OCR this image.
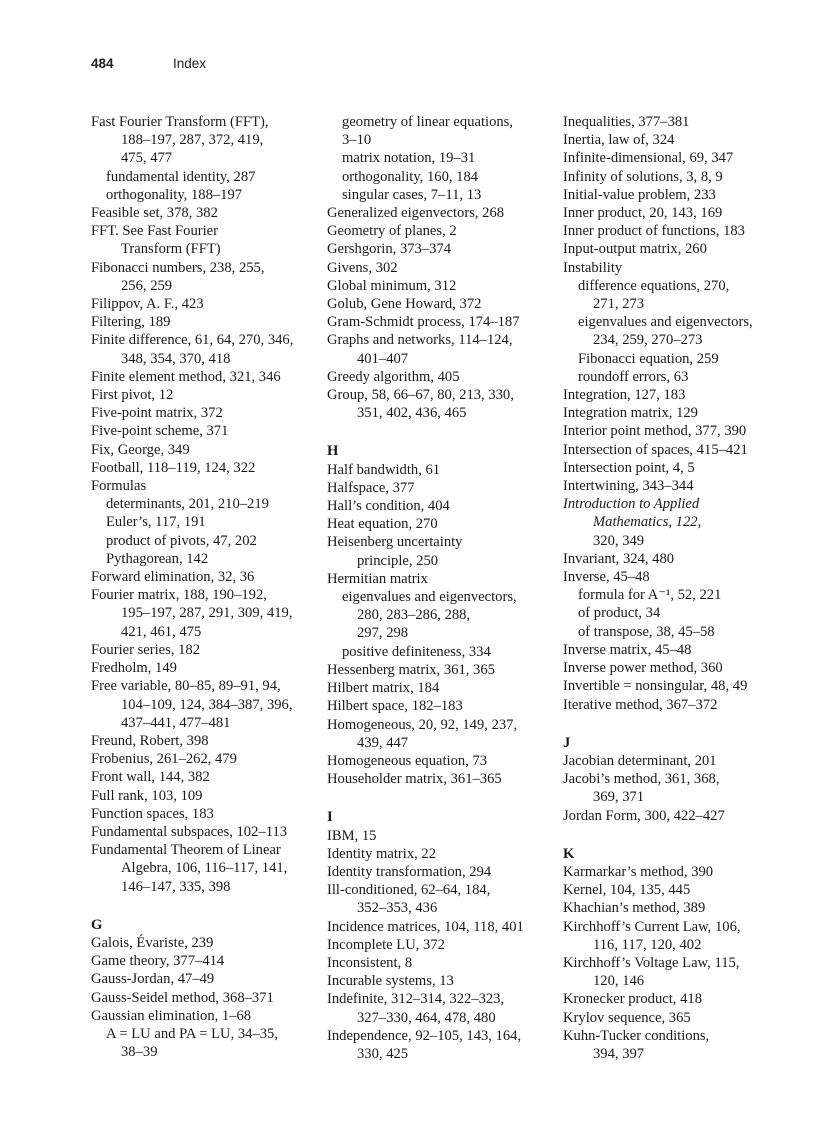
484	Index
Fast Fourier Transform (FFT),
188–197, 287, 372, 419,
475, 477
fundamental identity, 287
orthogonality, 188–197
Feasible set, 378, 382
FFT. See Fast Fourier
Transform (FFT)
Fibonacci numbers, 238, 255,
256, 259
Filippov, A. F., 423
Filtering, 189
Finite difference, 61, 64, 270, 346,
348, 354, 370, 418
Finite element method, 321, 346
First pivot, 12
Five-point matrix, 372
Five-point scheme, 371
Fix, George, 349
Football, 118–119, 124, 322
Formulas
determinants, 201, 210–219
Euler’s, 117, 191
product of pivots, 47, 202
Pythagorean, 142
Forward elimination, 32, 36
Fourier matrix, 188, 190–192,
195–197, 287, 291, 309, 419,
421, 461, 475
Fourier series, 182
Fredholm, 149
Free variable, 80–85, 89–91, 94,
104–109, 124, 384–387, 396,
437–441, 477–481
Freund, Robert, 398
Frobenius, 261–262, 479
Front wall, 144, 382
Full rank, 103, 109
Function spaces, 183
Fundamental subspaces, 102–113
Fundamental Theorem of Linear
Algebra, 106, 116–117, 141,
146–147, 335, 398
G
Galois, Évariste, 239
Game theory, 377–414
Gauss-Jordan, 47–49
Gauss-Seidel method, 368–371
Gaussian elimination, 1–68
A = LU and PA = LU, 34–35,
38–39
geometry of linear equations,
3–10
matrix notation, 19–31
orthogonality, 160, 184
singular cases, 7–11, 13
Generalized eigenvectors, 268
Geometry of planes, 2
Gershgorin, 373–374
Givens, 302
Global minimum, 312
Golub, Gene Howard, 372
Gram-Schmidt process, 174–187
Graphs and networks, 114–124,
401–407
Greedy algorithm, 405
Group, 58, 66–67, 80, 213, 330,
351, 402, 436, 465
H
Half bandwidth, 61
Halfspace, 377
Hall’s condition, 404
Heat equation, 270
Heisenberg uncertainty
principle, 250
Hermitian matrix
eigenvalues and eigenvectors,
280, 283–286, 288,
297, 298
positive definiteness, 334
Hessenberg matrix, 361, 365
Hilbert matrix, 184
Hilbert space, 182–183
Homogeneous, 20, 92, 149, 237,
439, 447
Homogeneous equation, 73
Householder matrix, 361–365
I
IBM, 15
Identity matrix, 22
Identity transformation, 294
Ill-conditioned, 62–64, 184,
352–353, 436
Incidence matrices, 104, 118, 401
Incomplete LU, 372
Inconsistent, 8
Incurable systems, 13
Indefinite, 312–314, 322–323,
327–330, 464, 478, 480
Independence, 92–105, 143, 164,
330, 425
Inequalities, 377–381
Inertia, law of, 324
Infinite-dimensional, 69, 347
Infinity of solutions, 3, 8, 9
Initial-value problem, 233
Inner product, 20, 143, 169
Inner product of functions, 183
Input-output matrix, 260
Instability
difference equations, 270,
271, 273
eigenvalues and eigenvectors,
234, 259, 270–273
Fibonacci equation, 259
roundoff errors, 63
Integration, 127, 183
Integration matrix, 129
Interior point method, 377, 390
Intersection of spaces, 415–421
Intersection point, 4, 5
Intertwining, 343–344
Introduction to Applied
Mathematics, 122,
320, 349
Invariant, 324, 480
Inverse, 45–48
formula for A⁻¹, 52, 221
of product, 34
of transpose, 38, 45–58
Inverse matrix, 45–48
Inverse power method, 360
Invertible = nonsingular, 48, 49
Iterative method, 367–372
J
Jacobian determinant, 201
Jacobi’s method, 361, 368,
369, 371
Jordan Form, 300, 422–427
K
Karmarkar’s method, 390
Kernel, 104, 135, 445
Khachian’s method, 389
Kirchhoff’s Current Law, 106,
116, 117, 120, 402
Kirchhoff’s Voltage Law, 115,
120, 146
Kronecker product, 418
Krylov sequence, 365
Kuhn-Tucker conditions,
394, 397
